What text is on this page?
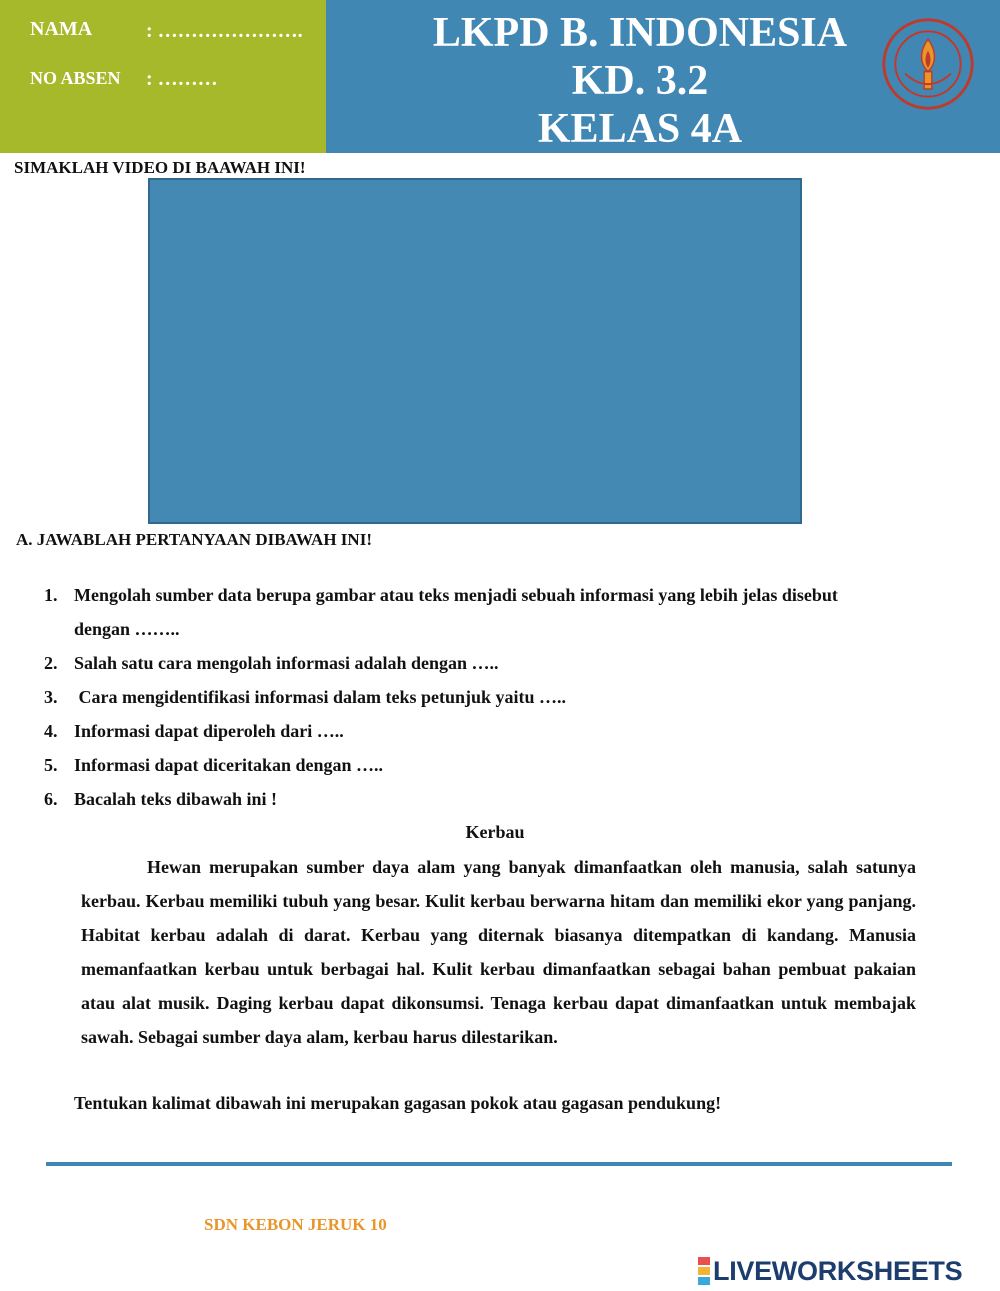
NAMA	: ………………….
NO ABSEN : ………
LKPD B. INDONESIA
KD. 3.2
KELAS 4A
SIMAKLAH VIDEO DI BAAWAH INI!
A. JAWABLAH PERTANYAAN DIBAWAH INI!
1. Mengolah sumber data berupa gambar atau teks menjadi sebuah informasi yang lebih jelas disebut
dengan ……..
2. Salah satu cara mengolah informasi adalah dengan …..
3. Cara mengidentifikasi informasi dalam teks petunjuk yaitu …..
4. Informasi dapat diperoleh dari …..
5. Informasi dapat diceritakan dengan …..
6. Bacalah teks dibawah ini !
Kerbau
Hewan merupakan sumber daya alam yang banyak dimanfaatkan oleh manusia, salah satunya kerbau. Kerbau memiliki tubuh yang besar. Kulit kerbau berwarna hitam dan memiliki ekor yang panjang. Habitat kerbau adalah di darat. Kerbau yang diternak biasanya ditempatkan di kandang. Manusia memanfaatkan kerbau untuk berbagai hal. Kulit kerbau dimanfaatkan sebagai bahan pembuat pakaian atau alat musik. Daging kerbau dapat dikonsumsi. Tenaga kerbau dapat dimanfaatkan untuk membajak sawah. Sebagai sumber daya alam, kerbau harus dilestarikan.
Tentukan kalimat dibawah ini merupakan gagasan pokok atau gagasan pendukung!
SDN KEBON JERUK 10
LIVEWORKSHEETS
